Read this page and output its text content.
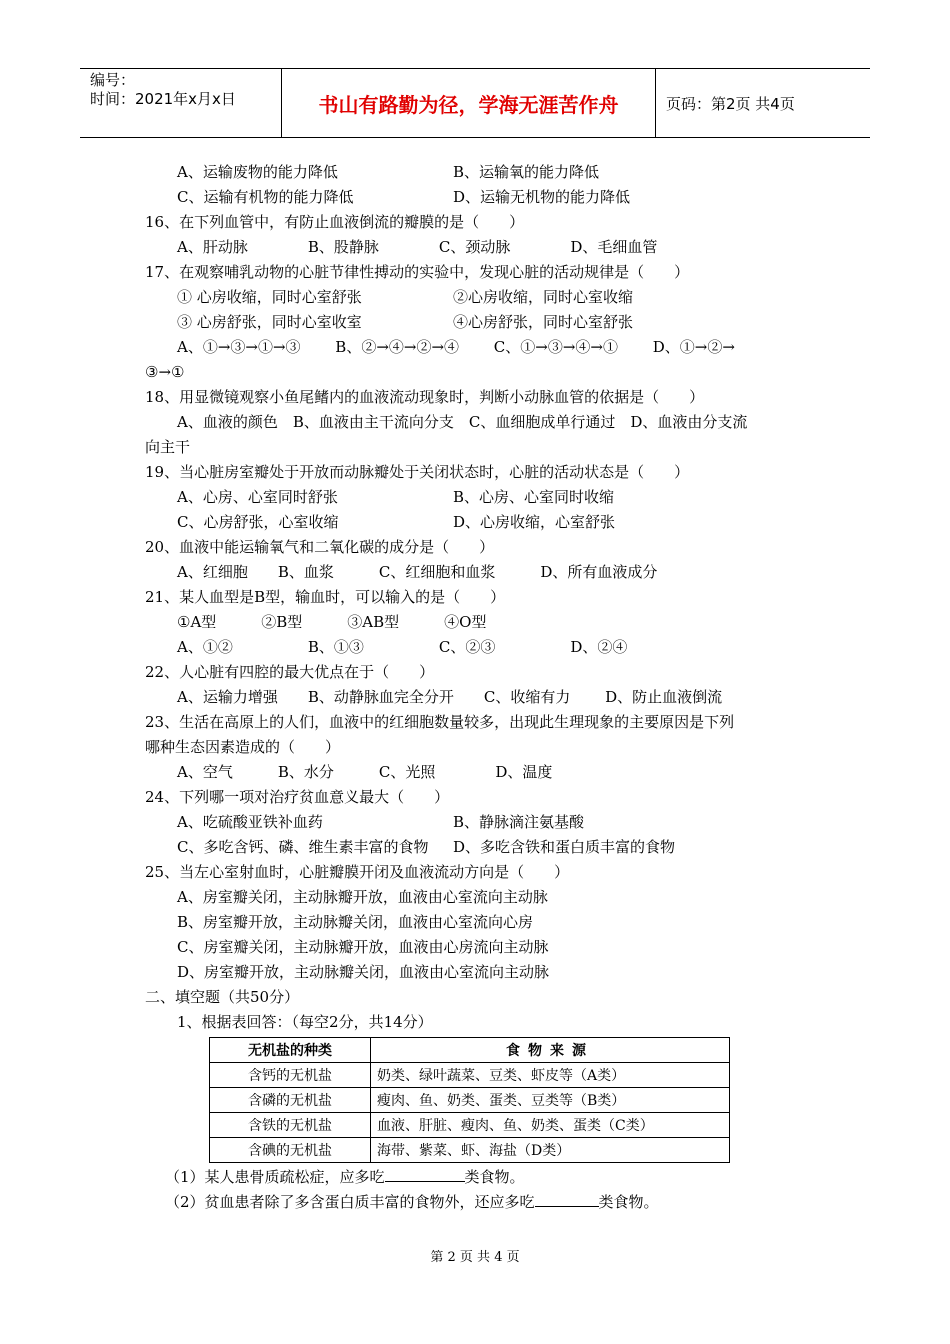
编号：
时间：2021年x月x日	书山有路勤为径，学海无涯苦作舟	页码：第2页 共4页
A、运输废物的能力降低	B、运输氧的能力降低
C、运输有机物的能力降低	D、运输无机物的能力降低
16、在下列血管中，有防止血液倒流的瓣膜的是（　　）
A、肝动脉　　　　B、股静脉　　　　C、颈动脉　　　　D、毛细血管
17、在观察哺乳动物的心脏节律性搏动的实验中，发现心脏的活动规律是（　　）
① 心房收缩，同时心室舒张	②心房收缩，同时心室收缩
③ 心房舒张，同时心室收室	④心房舒张，同时心室舒张
A、①→③→①→③　　 B、②→④→②→④　　 C、①→③→④→①　　 D、①→②→
③→①
18、用显微镜观察小鱼尾鳍内的血液流动现象时，判断小动脉血管的依据是（　　）
A、血液的颜色　B、血液由主干流向分支　C、血细胞成单行通过　D、血液由分支流
向主干
19、当心脏房室瓣处于开放而动脉瓣处于关闭状态时，心脏的活动状态是（　　）
A、心房、心室同时舒张	B、心房、心室同时收缩
C、心房舒张，心室收缩	D、心房收缩，心室舒张
20、血液中能运输氧气和二氧化碳的成分是（　　）
A、红细胞　　B、血浆　　　C、红细胞和血浆　　　D、所有血液成分
21、某人血型是B型，输血时，可以输入的是（　　）
①A型　　　②B型　　　③AB型　　　④O型
A、①②　　　　　B、①③　　　　　C、②③　　　　　D、②④
22、人心脏有四腔的最大优点在于（　　）
A、运输力增强　　B、动静脉血完全分开　　C、收缩有力　　 D、防止血液倒流
23、生活在高原上的人们，血液中的红细胞数量较多，出现此生理现象的主要原因是下列
哪种生态因素造成的（　　）
A、空气　　　B、水分　　　C、光照　　　　D、温度
24、下列哪一项对治疗贫血意义最大（　　）
A、吃硫酸亚铁补血药	B、静脉滴注氨基酸
C、多吃含钙、磷、维生素丰富的食物 D、多吃含铁和蛋白质丰富的食物
25、当左心室射血时，心脏瓣膜开闭及血液流动方向是（　　）
A、房室瓣关闭，主动脉瓣开放，血液由心室流向主动脉
B、房室瓣开放，主动脉瓣关闭，血液由心室流向心房
C、房室瓣关闭，主动脉瓣开放，血液由心房流向主动脉
D、房室瓣开放，主动脉瓣关闭，血液由心室流向主动脉
二、填空题（共50分）
1、根据表回答：（每空2分，共14分）
无机盐的种类	食物来源
含钙的无机盐	奶类、绿叶蔬菜、豆类、虾皮等（A类）
含磷的无机盐	瘦肉、鱼、奶类、蛋类、豆类等（B类）
含铁的无机盐	血液、肝脏、瘦肉、鱼、奶类、蛋类（C类）
含碘的无机盐	海带、紫菜、虾、海盐（D类）
（1）某人患骨质疏松症，应多吃	类食物。
（2）贫血患者除了多含蛋白质丰富的食物外，还应多吃	类食物。
第 2 页 共 4 页
